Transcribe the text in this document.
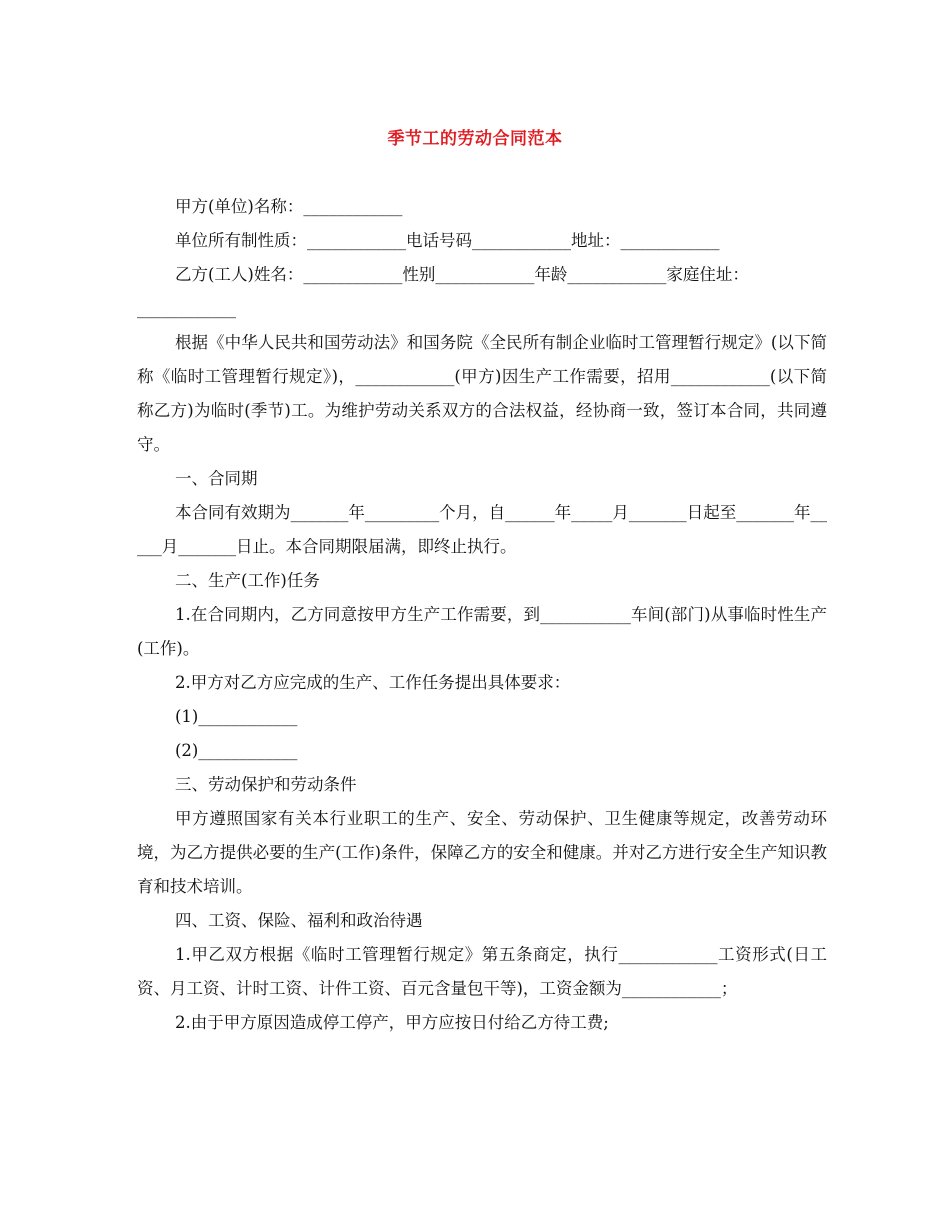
季节工的劳动合同范本
甲方(单位)名称：____________
单位所有制性质：____________电话号码____________地址：____________
乙方(工人)姓名：____________性别____________年龄____________家庭住址：
____________
根据《中华人民共和国劳动法》和国务院《全民所有制企业临时工管理暂行规定》(以下简称《临时工管理暂行规定》)，____________(甲方)因生产工作需要，招用____________(以下简称乙方)为临时(季节)工。为维护劳动关系双方的合法权益，经协商一致，签订本合同，共同遵守。
一、合同期
本合同有效期为_______年_________个月，自______年_____月_______日起至_______年_____月_______日止。本合同期限届满，即终止执行。
二、生产(工作)任务
1.在合同期内，乙方同意按甲方生产工作需要，到___________车间(部门)从事临时性生产(工作)。
2.甲方对乙方应完成的生产、工作任务提出具体要求：
(1)____________
(2)____________
三、劳动保护和劳动条件
甲方遵照国家有关本行业职工的生产、安全、劳动保护、卫生健康等规定，改善劳动环境，为乙方提供必要的生产(工作)条件，保障乙方的安全和健康。并对乙方进行安全生产知识教育和技术培训。
四、工资、保险、福利和政治待遇
1.甲乙双方根据《临时工管理暂行规定》第五条商定，执行____________工资形式(日工资、月工资、计时工资、计件工资、百元含量包干等)，工资金额为____________；
2.由于甲方原因造成停工停产，甲方应按日付给乙方待工费;
